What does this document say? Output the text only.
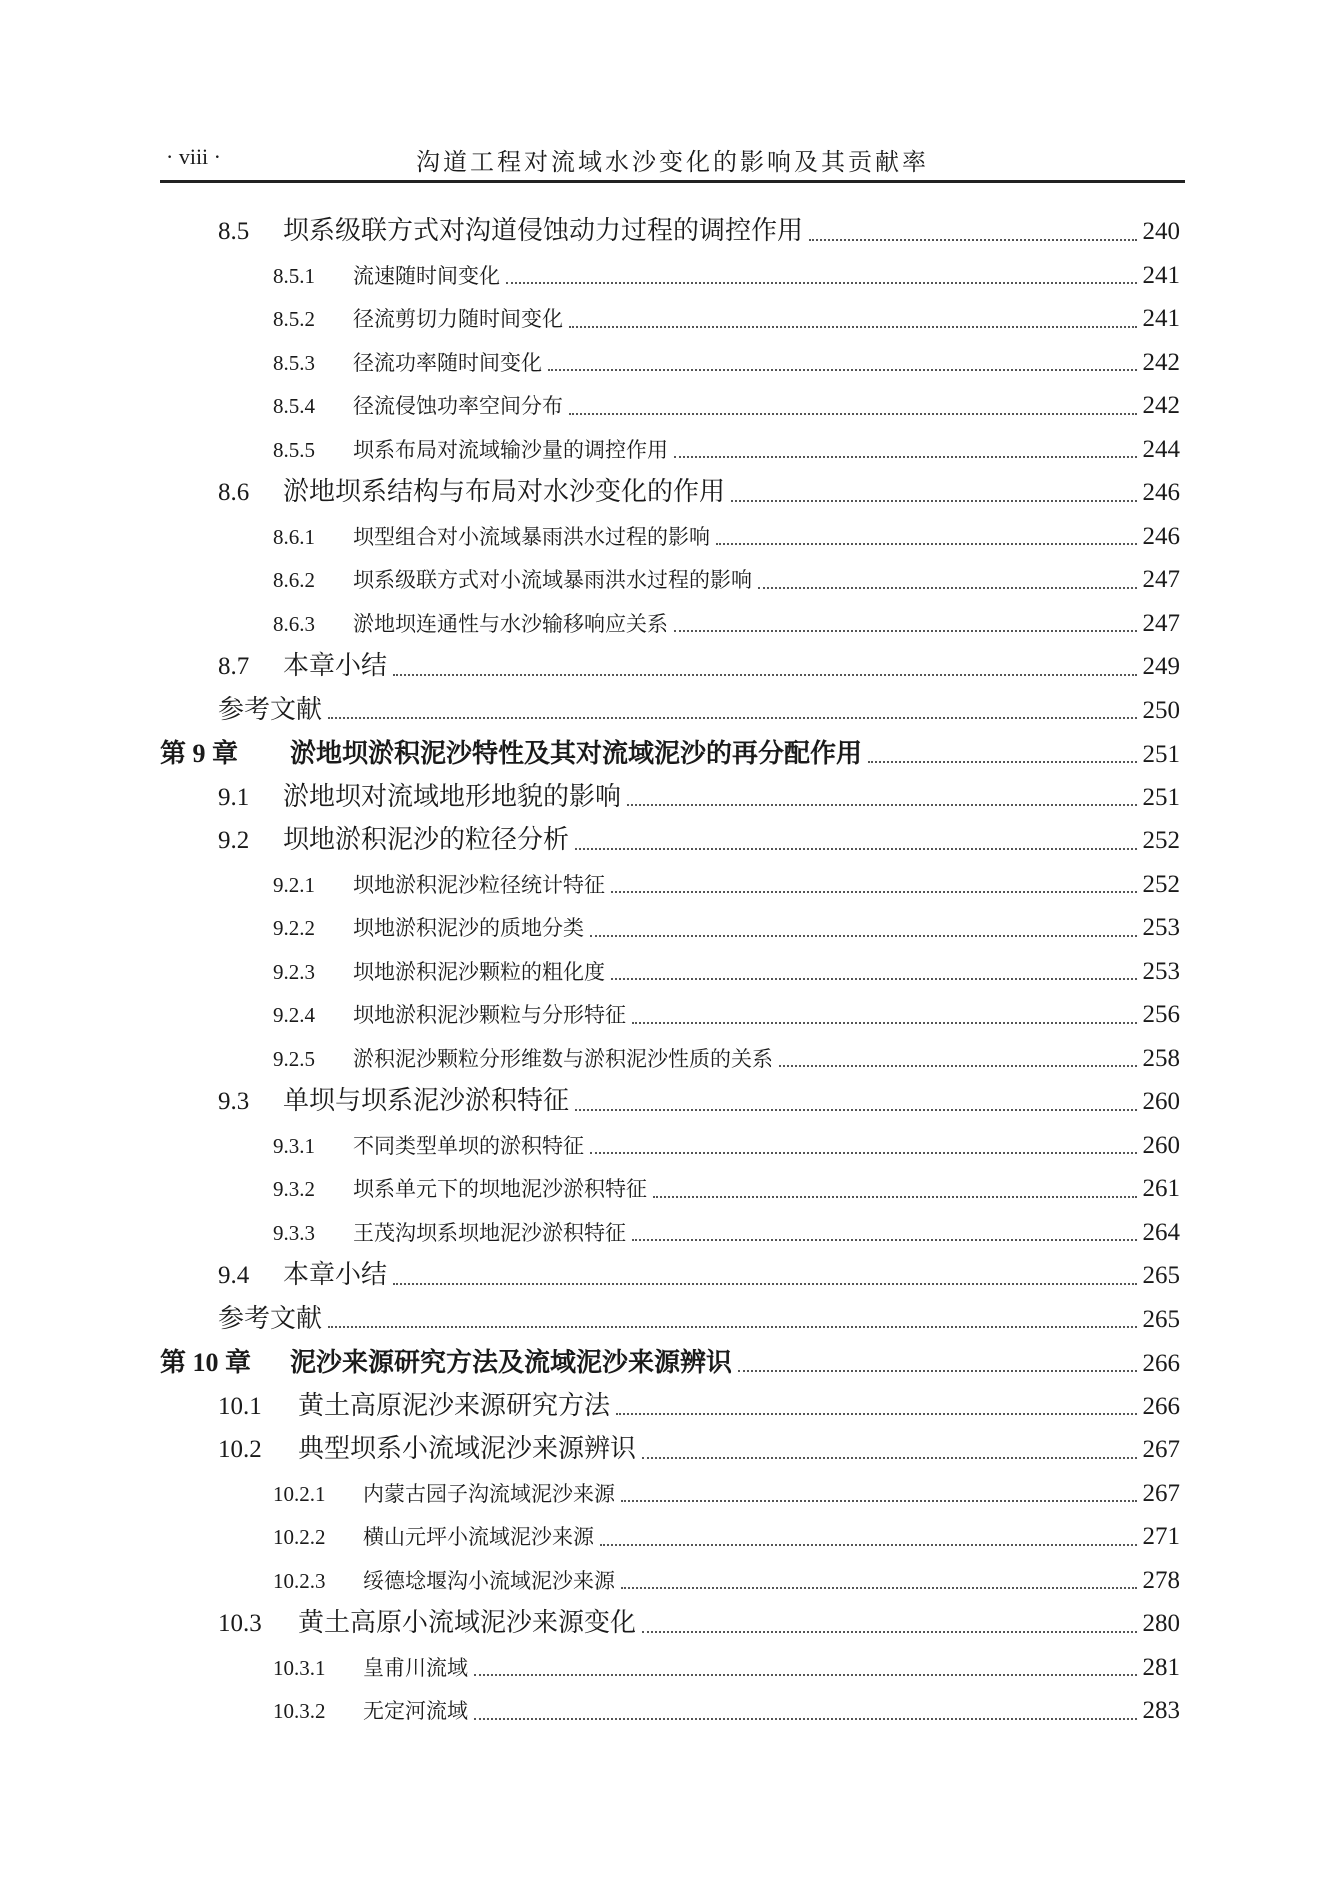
· viii ·	沟道工程对流域水沙变化的影响及其贡献率
8.5	坝系级联方式对沟道侵蚀动力过程的调控作用	240
8.5.1	流速随时间变化	241
8.5.2	径流剪切力随时间变化	241
8.5.3	径流功率随时间变化	242
8.5.4	径流侵蚀功率空间分布	242
8.5.5	坝系布局对流域输沙量的调控作用	244
8.6	淤地坝系结构与布局对水沙变化的作用	246
8.6.1	坝型组合对小流域暴雨洪水过程的影响	246
8.6.2	坝系级联方式对小流域暴雨洪水过程的影响	247
8.6.3	淤地坝连通性与水沙输移响应关系	247
8.7	本章小结	249
参考文献	250
第 9 章	淤地坝淤积泥沙特性及其对流域泥沙的再分配作用	251
9.1	淤地坝对流域地形地貌的影响	251
9.2	坝地淤积泥沙的粒径分析	252
9.2.1	坝地淤积泥沙粒径统计特征	252
9.2.2	坝地淤积泥沙的质地分类	253
9.2.3	坝地淤积泥沙颗粒的粗化度	253
9.2.4	坝地淤积泥沙颗粒与分形特征	256
9.2.5	淤积泥沙颗粒分形维数与淤积泥沙性质的关系	258
9.3	单坝与坝系泥沙淤积特征	260
9.3.1	不同类型单坝的淤积特征	260
9.3.2	坝系单元下的坝地泥沙淤积特征	261
9.3.3	王茂沟坝系坝地泥沙淤积特征	264
9.4	本章小结	265
参考文献	265
第 10 章	泥沙来源研究方法及流域泥沙来源辨识	266
10.1	黄土高原泥沙来源研究方法	266
10.2	典型坝系小流域泥沙来源辨识	267
10.2.1	内蒙古园子沟流域泥沙来源	267
10.2.2	横山元坪小流域泥沙来源	271
10.2.3	绥德埝堰沟小流域泥沙来源	278
10.3	黄土高原小流域泥沙来源变化	280
10.3.1	皇甫川流域	281
10.3.2	无定河流域	283
